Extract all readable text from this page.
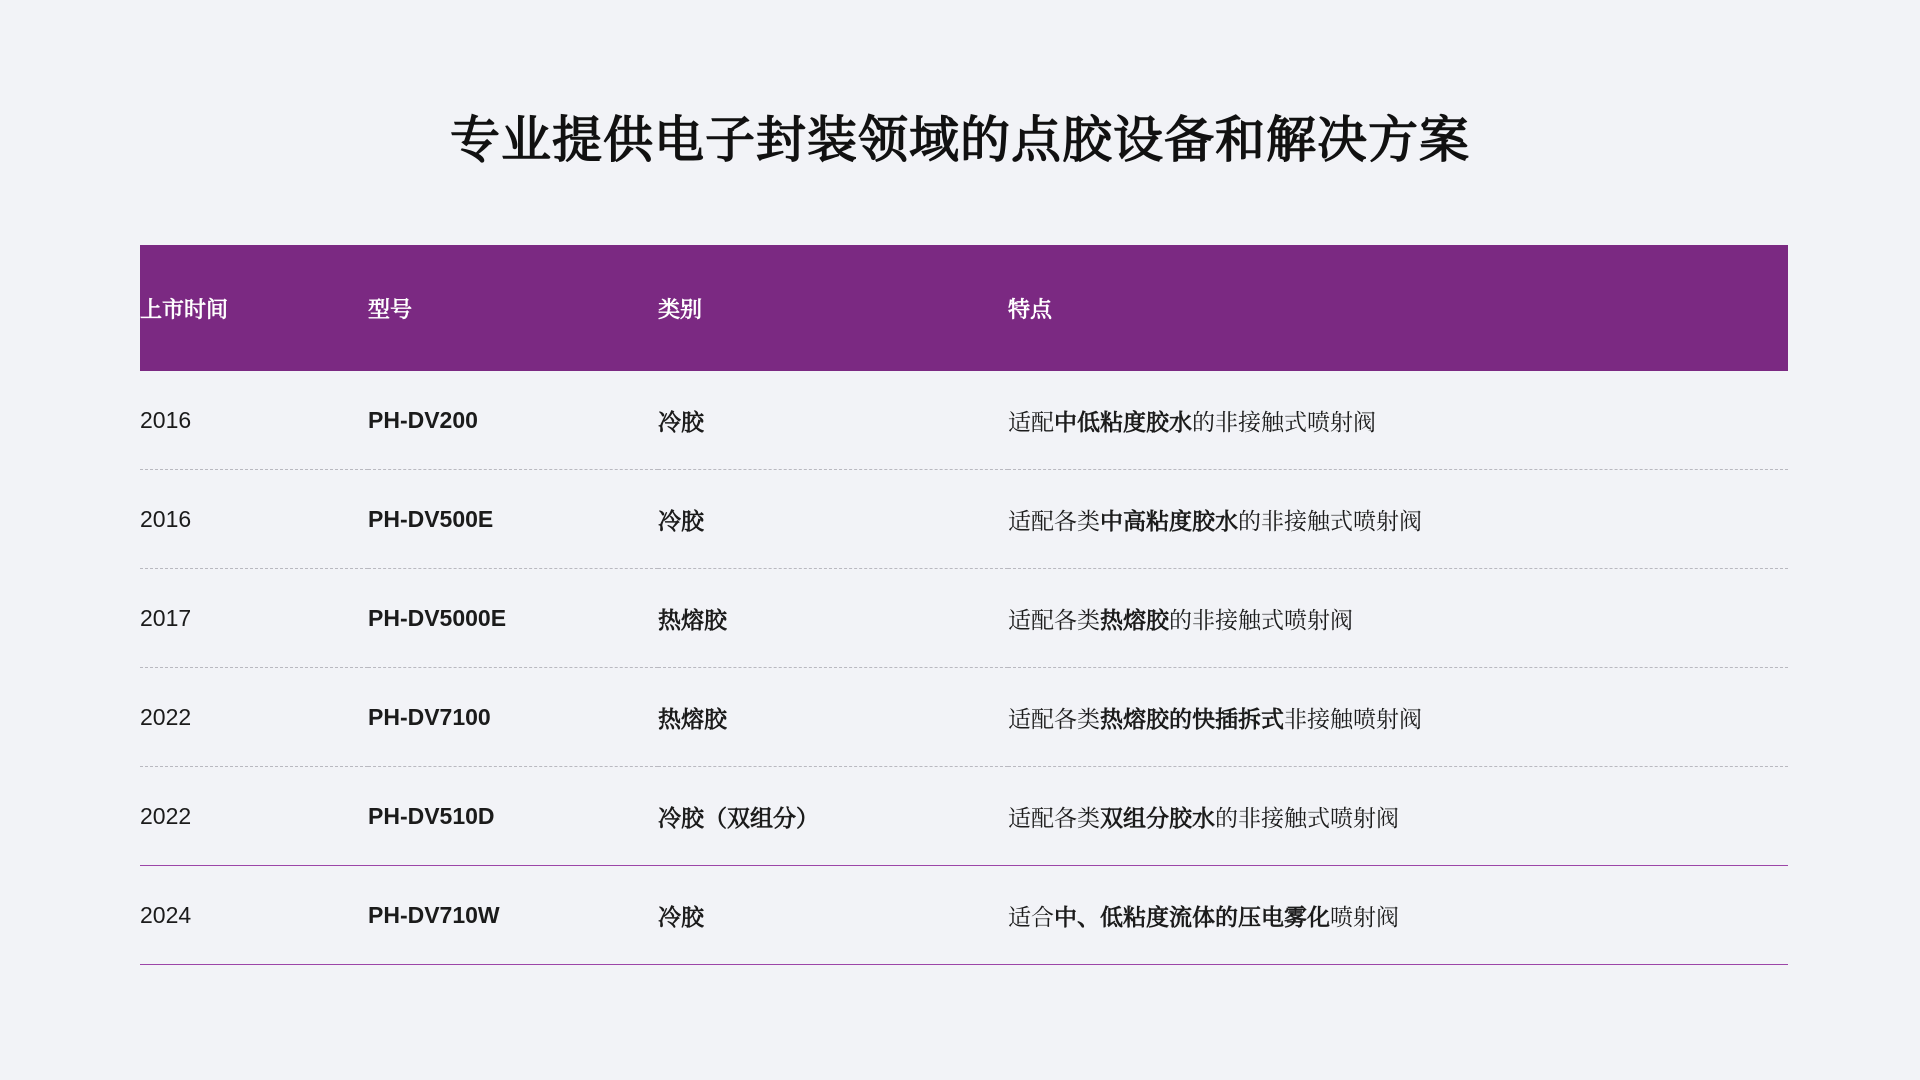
专业提供电子封装领域的点胶设备和解决方案
上市时间	型号	类别	特点
2016	PH-DV200	冷胶	适配中低粘度胶水的非接触式喷射阀

2016	PH-DV500E	冷胶	适配各类中高粘度胶水的非接触式喷射阀

2017	PH-DV5000E	热熔胶	适配各类热熔胶的非接触式喷射阀

2022	PH-DV7100	热熔胶	适配各类热熔胶的快插拆式非接触喷射阀

2022	PH-DV510D	冷胶（双组分）	适配各类双组分胶水的非接触式喷射阀

2024	PH-DV710W	冷胶	适合中、低粘度流体的压电雾化喷射阀
